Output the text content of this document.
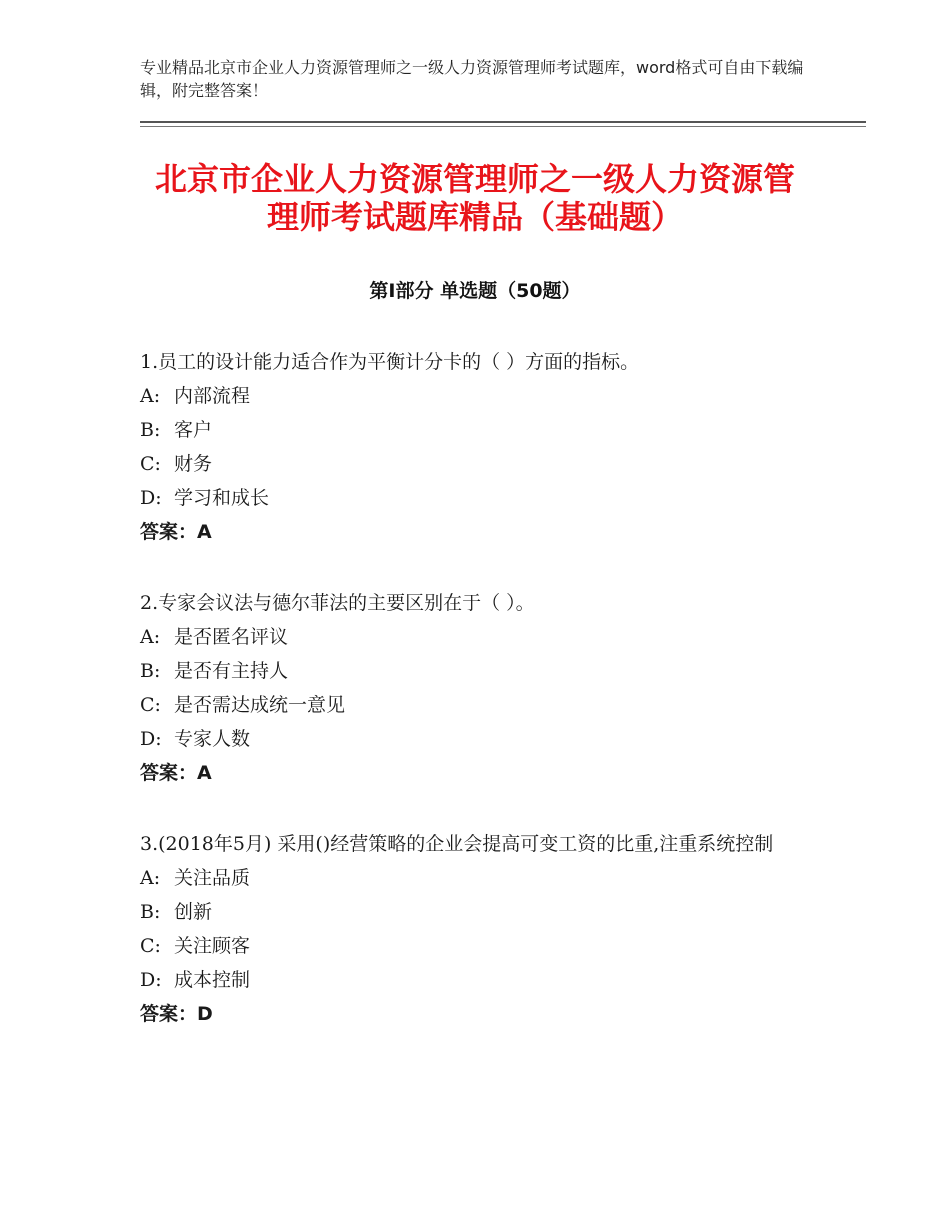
专业精品北京市企业人力资源管理师之一级人力资源管理师考试题库，word格式可自由下载编辑，附完整答案！
北京市企业人力资源管理师之一级人力资源管理师考试题库精品（基础题）
第Ⅰ部分 单选题（50题）
1.员工的设计能力适合作为平衡计分卡的（ ）方面的指标。
A: 内部流程
B: 客户
C: 财务
D: 学习和成长
答案：A
2.专家会议法与德尔菲法的主要区别在于（ ）。
A: 是否匿名评议
B: 是否有主持人
C: 是否需达成统一意见
D: 专家人数
答案：A
3.(2018年5月) 采用()经营策略的企业会提高可变工资的比重,注重系统控制
A: 关注品质
B: 创新
C: 关注顾客
D: 成本控制
答案：D
